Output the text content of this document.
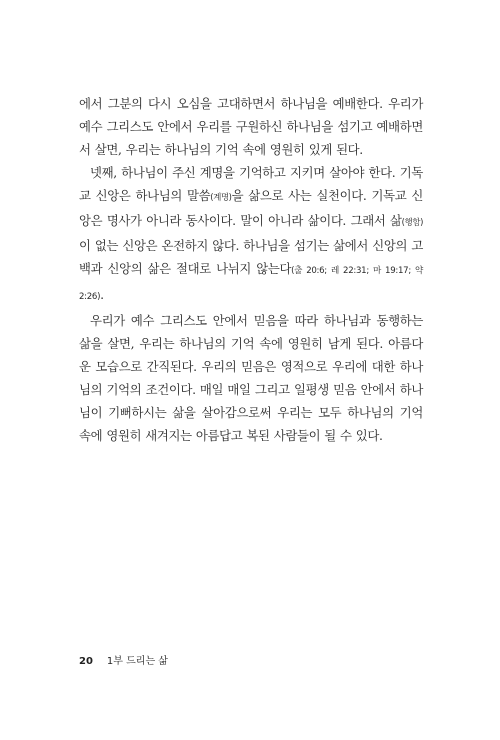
에서 그분의 다시 오심을 고대하면서 하나님을 예배한다. 우리가 예수 그리스도 안에서 우리를 구원하신 하나님을 섬기고 예배하면서 살면, 우리는 하나님의 기억 속에 영원히 있게 된다.

넷째, 하나님이 주신 계명을 기억하고 지키며 살아야 한다. 기독교 신앙은 하나님의 말씀(계명)을 삶으로 사는 실천이다. 기독교 신앙은 명사가 아니라 동사이다. 말이 아니라 삶이다. 그래서 삶(행함)이 없는 신앙은 온전하지 않다. 하나님을 섬기는 삶에서 신앙의 고백과 신앙의 삶은 절대로 나뉘지 않는다(출 20:6; 레 22:31; 마 19:17; 약 2:26).

우리가 예수 그리스도 안에서 믿음을 따라 하나님과 동행하는 삶을 살면, 우리는 하나님의 기억 속에 영원히 남게 된다. 아름다운 모습으로 간직된다. 우리의 믿음은 영적으로 우리에 대한 하나님의 기억의 조건이다. 매일 매일 그리고 일평생 믿음 안에서 하나님이 기뻐하시는 삶을 살아감으로써 우리는 모두 하나님의 기억 속에 영원히 새겨지는 아름답고 복된 사람들이 될 수 있다.

20 1부 드리는 삶
